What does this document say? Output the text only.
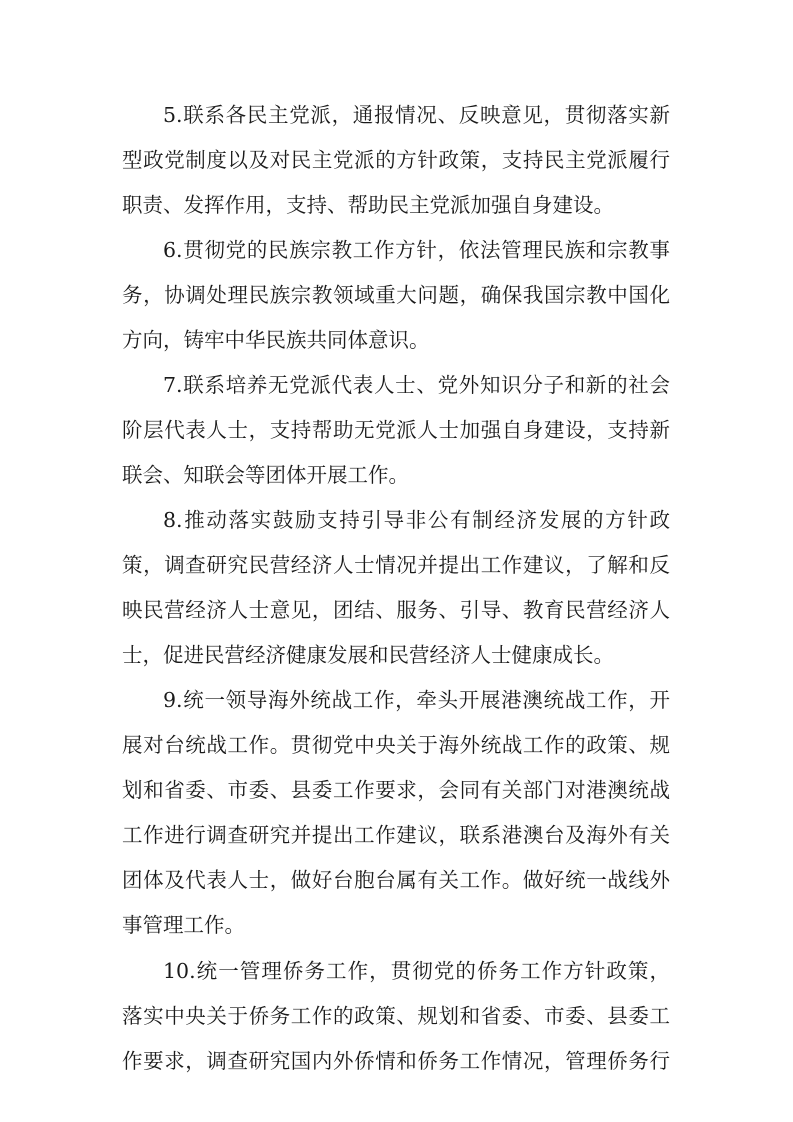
5.联系各民主党派，通报情况、反映意见，贯彻落实新
型政党制度以及对民主党派的方针政策，支持民主党派履行
职责、发挥作用，支持、帮助民主党派加强自身建设。
6.贯彻党的民族宗教工作方针，依法管理民族和宗教事
务，协调处理民族宗教领域重大问题，确保我国宗教中国化
方向，铸牢中华民族共同体意识。
7.联系培养无党派代表人士、党外知识分子和新的社会
阶层代表人士，支持帮助无党派人士加强自身建设，支持新
联会、知联会等团体开展工作。
8.推动落实鼓励支持引导非公有制经济发展的方针政
策，调查研究民营经济人士情况并提出工作建议，了解和反
映民营经济人士意见，团结、服务、引导、教育民营经济人
士，促进民营经济健康发展和民营经济人士健康成长。
9.统一领导海外统战工作，牵头开展港澳统战工作，开
展对台统战工作。贯彻党中央关于海外统战工作的政策、规
划和省委、市委、县委工作要求，会同有关部门对港澳统战
工作进行调查研究并提出工作建议，联系港澳台及海外有关
团体及代表人士，做好台胞台属有关工作。做好统一战线外
事管理工作。
10.统一管理侨务工作，贯彻党的侨务工作方针政策，
落实中央关于侨务工作的政策、规划和省委、市委、县委工
作要求，调查研究国内外侨情和侨务工作情况，管理侨务行
